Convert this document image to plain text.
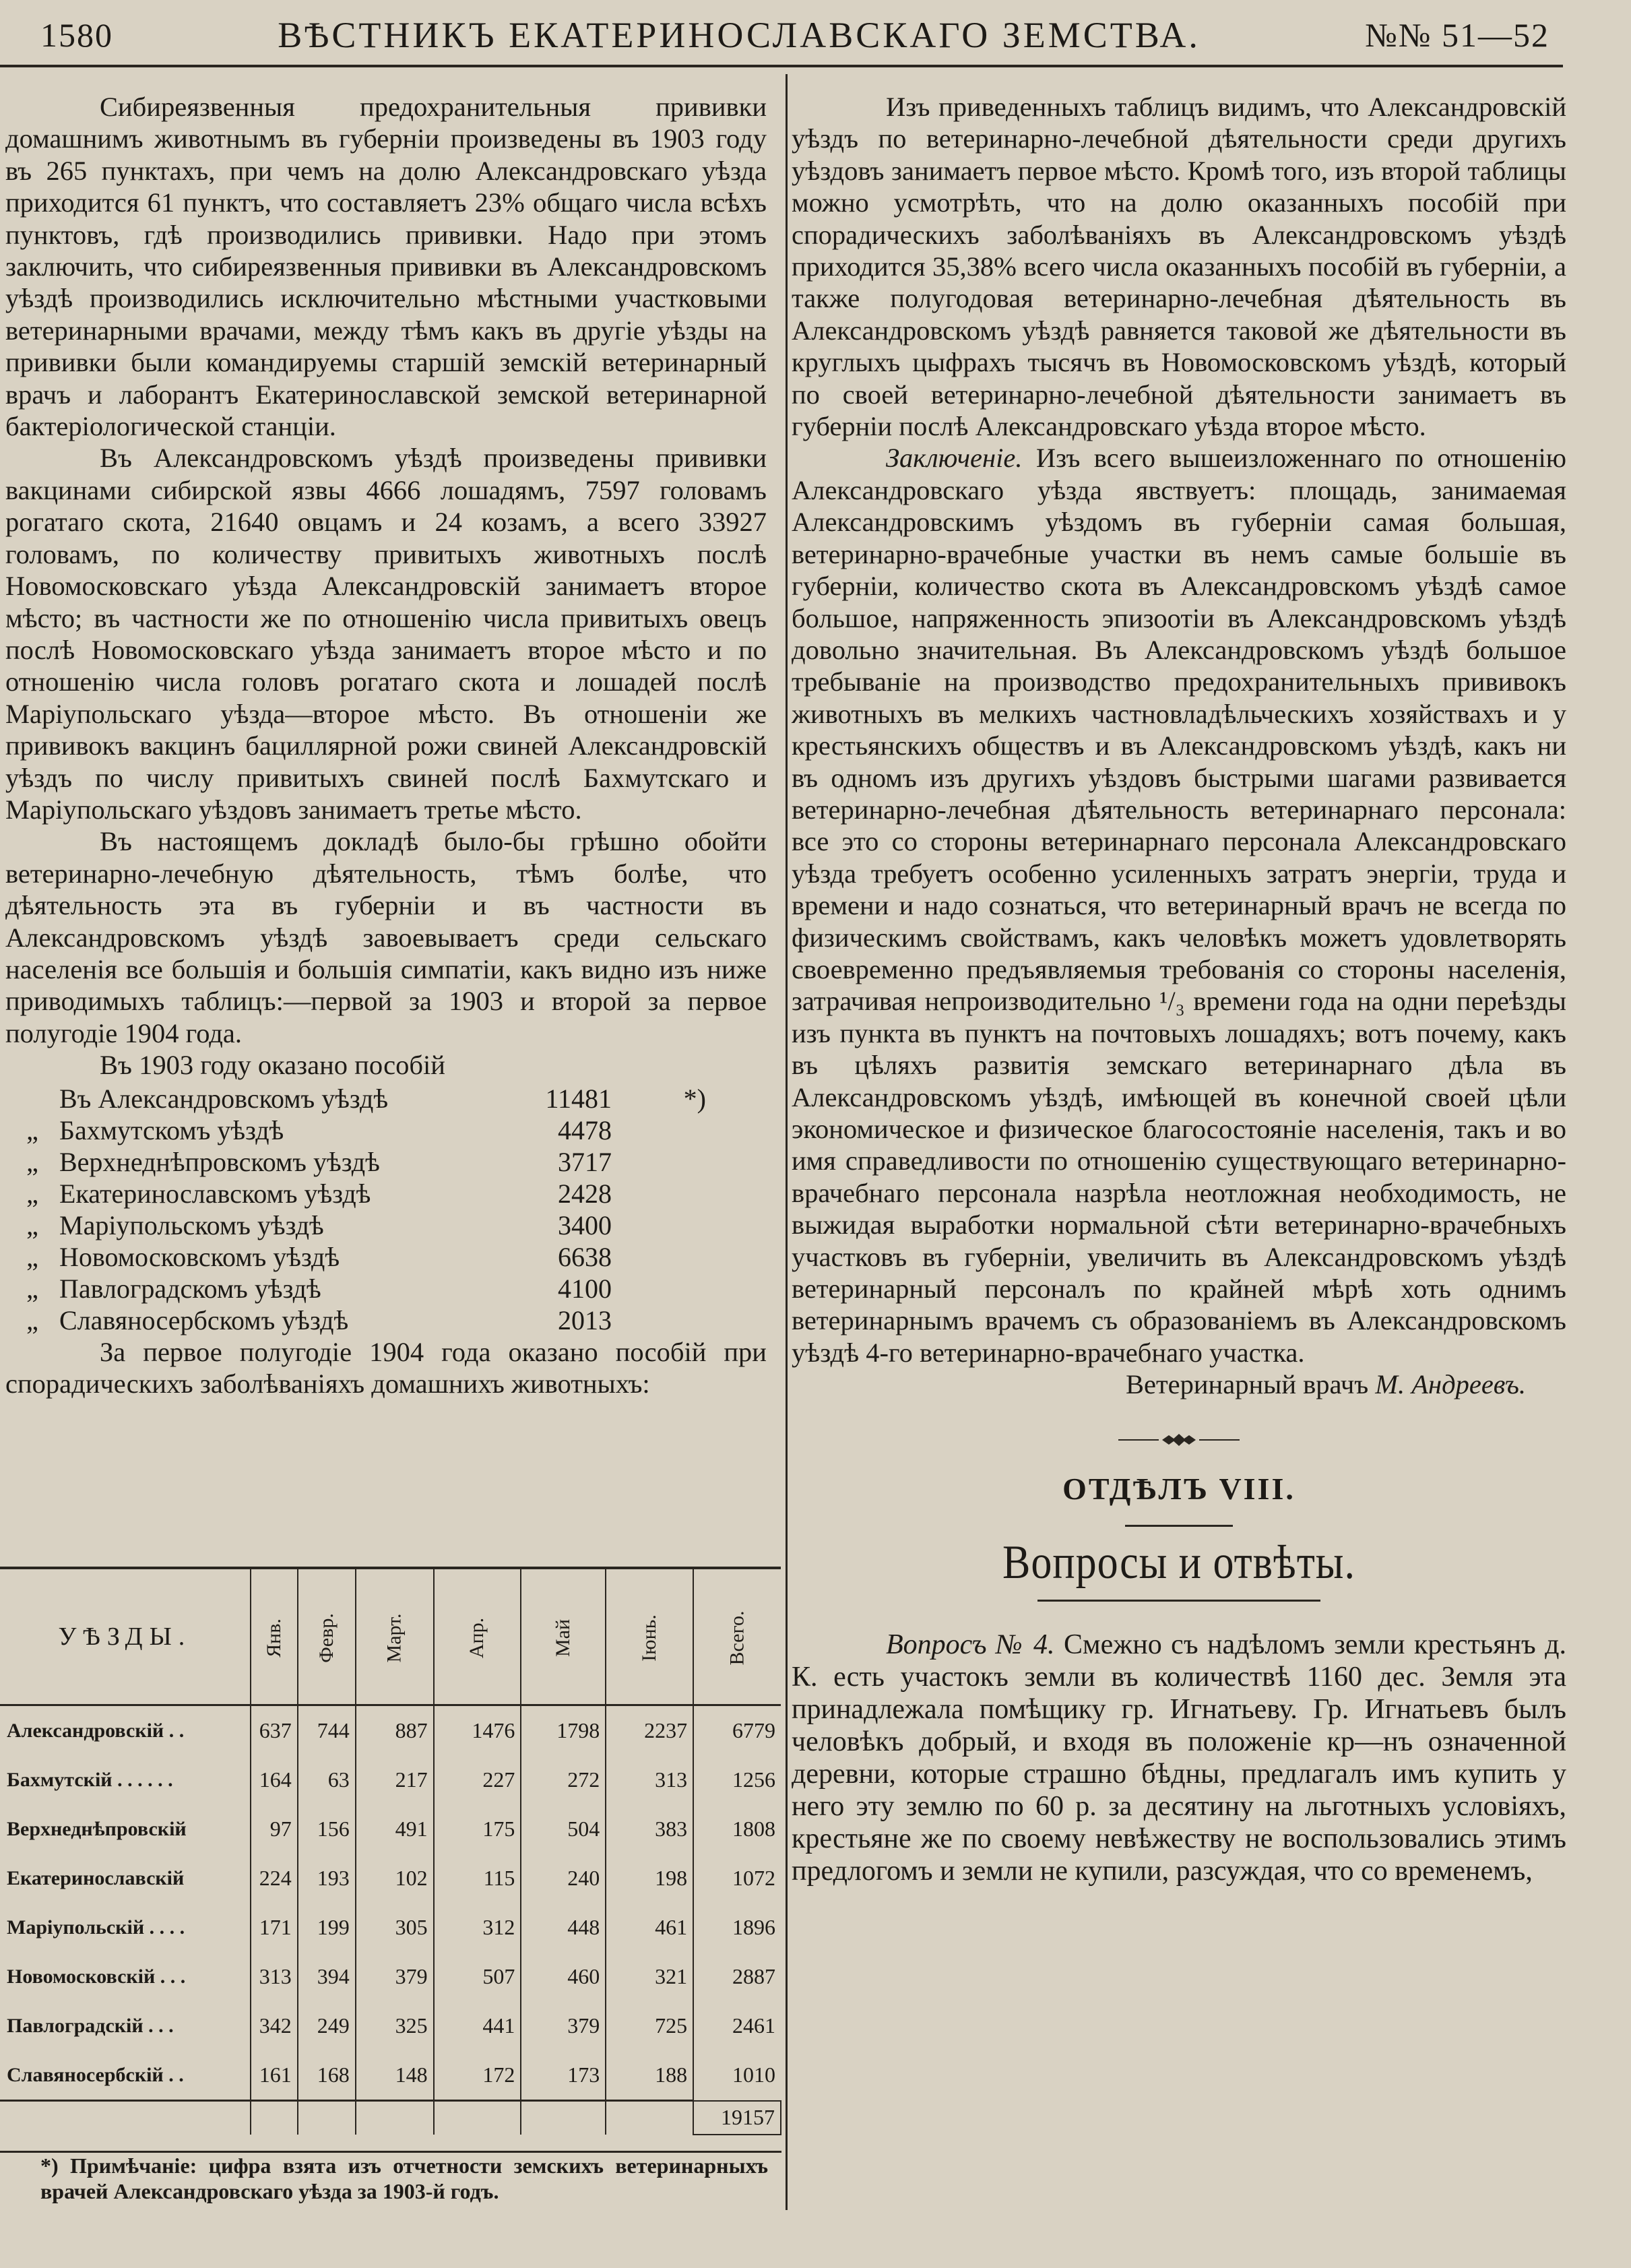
1580	ВѢСТНИКЪ ЕКАТЕРИНОСЛАВСКАГО ЗЕМСТВА.	№№ 51—52

Сибиреязвенныя предохранительныя прививки домашнимъ животнымъ въ губерніи произведены въ 1903 году въ 265 пунктахъ, при чемъ на долю Александровскаго уѣзда приходится 61 пунктъ, что составляетъ 23% общаго числа всѣхъ пунктовъ, гдѣ производились прививки. Надо при этомъ заключить, что сибиреязвенныя прививки въ Александровскомъ уѣздѣ производились исключительно мѣстными участковыми ветеринарными врачами, между тѣмъ какъ въ другіе уѣзды на прививки были командируемы старшій земскій ветеринарный врачъ и лаборантъ Екатеринославской земской ветеринарной бактеріологической станціи.

Въ Александровскомъ уѣздѣ произведены прививки вакцинами сибирской язвы 4666 лошадямъ, 7597 головамъ рогатаго скота, 21640 овцамъ и 24 козамъ, а всего 33927 головамъ, по количеству привитыхъ животныхъ послѣ Новомосковскаго уѣзда Александровскій занимаетъ второе мѣсто; въ частности же по отношенію числа привитыхъ овецъ послѣ Новомосковскаго уѣзда занимаетъ второе мѣсто и по отношенію числа головъ рогатаго скота и лошадей послѣ Маріупольскаго уѣзда—второе мѣсто. Въ отношеніи же прививокъ вакцинъ бациллярной рожи свиней Александровскій уѣздъ по числу привитыхъ свиней послѣ Бахмутскаго и Маріупольскаго уѣздовъ занимаетъ третье мѣсто.

Въ настоящемъ докладѣ было-бы грѣшно обойти ветеринарно-лечебную дѣятельность, тѣмъ болѣе, что дѣятельность эта въ губерніи и въ частности въ Александровскомъ уѣздѣ завоевываетъ среди сельскаго населенія все большія и большія симпатіи, какъ видно изъ ниже приводимыхъ таблицъ:—первой за 1903 и второй за первое полугодіе 1904 года.

Въ 1903 году оказано пособій

	Въ Александровскомъ уѣздѣ	11481	*)
„	Бахмутскомъ уѣздѣ	4478	
„	Верхнеднѣпровскомъ уѣздѣ	3717	
„	Екатеринославскомъ уѣздѣ	2428	
„	Маріупольскомъ уѣздѣ	3400	
„	Новомосковскомъ уѣздѣ	6638	
„	Павлоградскомъ уѣздѣ	4100	
„	Славяносербскомъ уѣздѣ	2013	

За первое полугодіе 1904 года оказано пособій при спорадическихъ заболѣваніяхъ домашнихъ животныхъ:

УѢЗДЫ.	Янв.	Февр.	Март.	Апр.	Май	Іюнь.	Всего.
Александровскій . .	637	744	887	1476	1798	2237	6779
Бахмутскій . . . . . .	164	63	217	227	272	313	1256
Верхнеднѣпровскій	97	156	491	175	504	383	1808
Екатеринославскій	224	193	102	115	240	198	1072
Маріупольскій . . . .	171	199	305	312	448	461	1896
Новомосковскій . . .	313	394	379	507	460	321	2887
Павлоградскій . . .	342	249	325	441	379	725	2461
Славяносербскій . .	161	168	148	172	173	188	1010
							19157
*) Примѣчаніе: цифра взята изъ отчетности земскихъ ветеринарныхъ врачей Александровскаго уѣзда за 1903-й годъ.

Изъ приведенныхъ таблицъ видимъ, что Александровскій уѣздъ по ветеринарно-лечебной дѣятельности среди другихъ уѣздовъ занимаетъ первое мѣсто. Кромѣ того, изъ второй таблицы можно усмотрѣть, что на долю оказанныхъ пособій при спорадическихъ заболѣваніяхъ въ Александровскомъ уѣздѣ приходится 35,38% всего числа оказанныхъ пособій въ губерніи, а также полугодовая ветеринарно-лечебная дѣятельность въ Александровскомъ уѣздѣ равняется таковой же дѣятельности въ круглыхъ цыфрахъ тысячъ въ Новомосковскомъ уѣздѣ, который по своей ветеринарно-лечебной дѣятельности занимаетъ въ губерніи послѣ Александровскаго уѣзда второе мѣсто.

Заключеніе. Изъ всего вышеизложеннаго по отношенію Александровскаго уѣзда явствуетъ: площадь, занимаемая Александровскимъ уѣздомъ въ губерніи самая большая, ветеринарно-врачебные участки въ немъ самые большіе въ губерніи, количество скота въ Александровскомъ уѣздѣ самое большое, напряженность эпизоотіи въ Александровскомъ уѣздѣ довольно значительная. Въ Александровскомъ уѣздѣ большое требываніе на производство предохранительныхъ прививокъ животныхъ въ мелкихъ частновладѣльческихъ хозяйствахъ и у крестьянскихъ обществъ и въ Александровскомъ уѣздѣ, какъ ни въ одномъ изъ другихъ уѣздовъ быстрыми шагами развивается ветеринарно-лечебная дѣятельность ветеринарнаго персонала: все это со стороны ветеринарнаго персонала Александровскаго уѣзда требуетъ особенно усиленныхъ затратъ энергіи, труда и времени и надо сознаться, что ветеринарный врачъ не всегда по физическимъ свойствамъ, какъ человѣкъ можетъ удовлетворять своевременно предъявляемыя требованія со стороны населенія, затрачивая непроизводительно ¹/₃ времени года на одни переѣзды изъ пункта въ пунктъ на почтовыхъ лошадяхъ; вотъ почему, какъ въ цѣляхъ развитія земскаго ветеринарнаго дѣла въ Александровскомъ уѣздѣ, имѣющей въ конечной своей цѣли экономическое и физическое благосостояніе населенія, такъ и во имя справедливости по отношенію существующаго ветеринарно-врачебнаго персонала назрѣла неотложная необходимость, не выжидая выработки нормальной сѣти ветеринарно-врачебныхъ участковъ въ губерніи, увеличить въ Александровскомъ уѣздѣ ветеринарный персоналъ по крайней мѣрѣ хоть однимъ ветеринарнымъ врачемъ съ образованіемъ въ Александровскомъ уѣздѣ 4-го ветеринарно-врачебнаго участка.

Ветеринарный врачъ М. Андреевъ.
ОТДѢЛЪ VIII.
Вопросы и отвѣты.

Вопросъ № 4. Смежно съ надѣломъ земли крестьянъ д. К. есть участокъ земли въ количествѣ 1160 дес. Земля эта принадлежала помѣщику гр. Игнатьеву. Гр. Игнатьевъ былъ человѣкъ добрый, и входя въ положеніе кр—нъ означенной деревни, которые страшно бѣдны, предлагалъ имъ купить у него эту землю по 60 р. за десятину на льготныхъ условіяхъ, крестьяне же по своему невѣжеству не воспользовались этимъ предлогомъ и земли не купили, разсуждая, что со временемъ,
